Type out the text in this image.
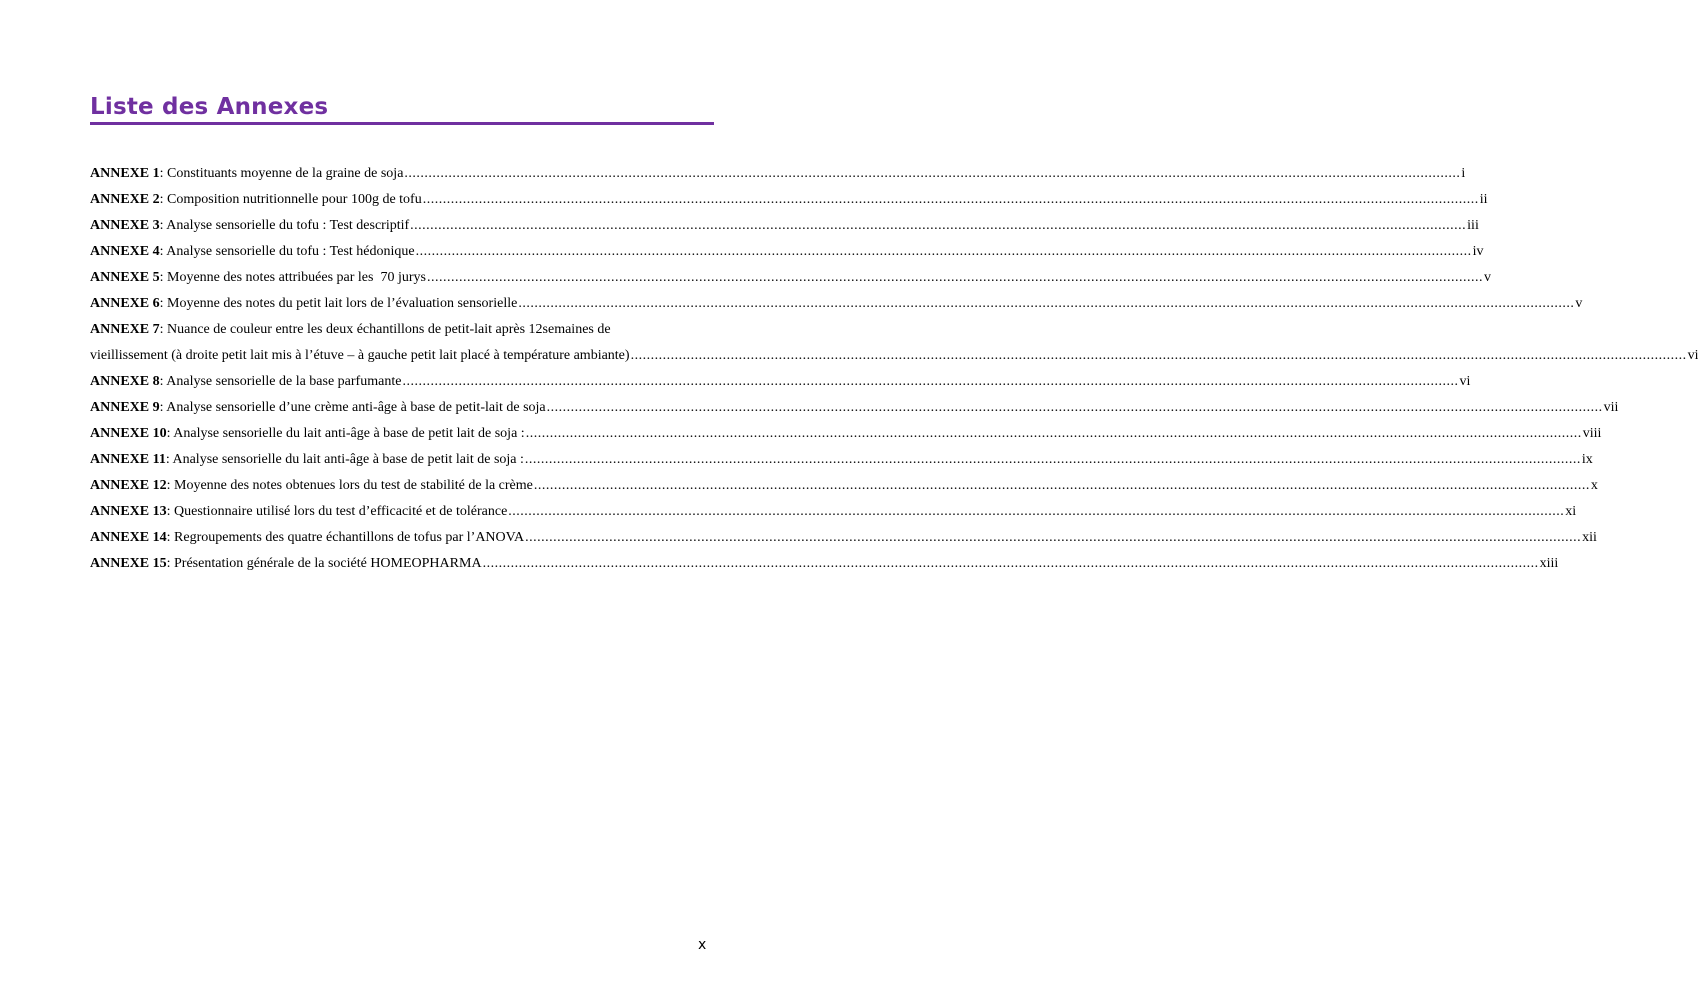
Liste des Annexes
ANNEXE 1 : Constituants moyenne de la graine de soja .....	i
ANNEXE 2 : Composition nutritionnelle pour 100g de tofu .....	ii
ANNEXE 3 : Analyse sensorielle du tofu : Test descriptif .....	iii
ANNEXE 4 : Analyse sensorielle du tofu : Test hédonique .....	iv
ANNEXE 5 : Moyenne des notes attribuées par les  70 jurys .....	v
ANNEXE 6 : Moyenne des notes du petit lait lors de l’évaluation sensorielle .....	v
ANNEXE 7: Nuance de couleur entre les deux échantillons de petit-lait après 12semaines de
vieillissement (à droite petit lait mis à l’étuve – à gauche petit lait placé à température ambiante) .....	vi
ANNEXE 8 : Analyse sensorielle de la base parfumante .....	vi
ANNEXE 9 : Analyse sensorielle d’une crème anti-âge à base de petit-lait de soja .....	vii
ANNEXE 10 : Analyse sensorielle du lait anti-âge à base de petit lait de soja : .....	viii
ANNEXE 11 : Analyse sensorielle du lait anti-âge à base de petit lait de soja : .....	ix
ANNEXE 12 : Moyenne des notes obtenues lors du test de stabilité de la crème .....	x
ANNEXE 13 : Questionnaire utilisé lors du test d’efficacité et de tolérance .....	xi
ANNEXE 14 : Regroupements des quatre échantillons de tofus par l’ANOVA .....	xii
ANNEXE 15 : Présentation générale de la société HOMEOPHARMA .....	xiii
x
